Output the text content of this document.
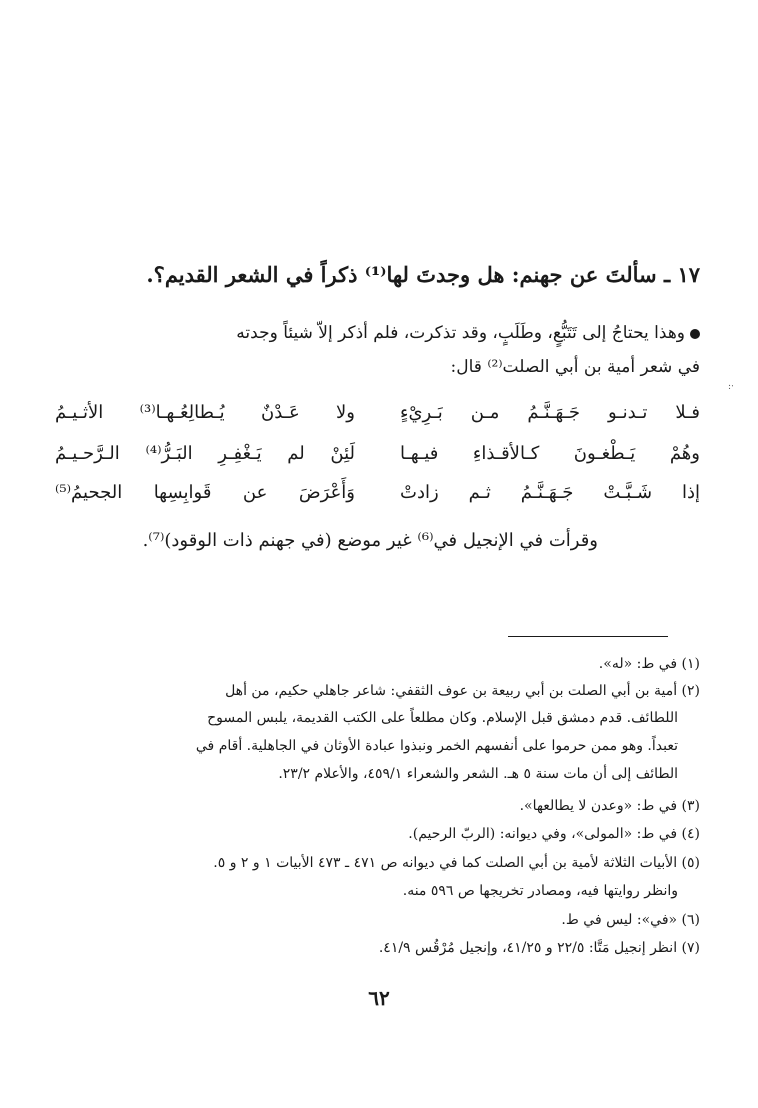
١٧ ـ سألتَ عن جهنم: هل وجدتَ لها⁽¹⁾ ذكراً في الشعر القديم؟.
وهذا يحتاجُ إلى تَتَبُّعٍ، وطَلَبٍ، وقد تذكرت، فلم أذكر إلاّ شيئاً وجدته
في شعر أمية بن أبي الصلت⁽²⁾ قال:
فـلا تـدنـو جَـهَـنَّـمُ مـن بَـرِيْءٍ
ولا عَـدْنٌ يُـطالِعُـهـا⁽³⁾ الأثـيـمُ
وهُمْ يَـطْغـونَ كـالأقـذاءِ فيـهـا
لَئِنْ لم يَـغْفِـرِ البَـرُّ⁽⁴⁾ الـرَّحـيـمُ
إذا شَـبَّـتْ جَـهَـنَّـمُ ثـم زادتْ
وَأَعْرَضَ عن قَوابِسِها الجحيمُ⁽⁵⁾
وقرأت في الإنجيل في⁽⁶⁾ غير موضع (في جهنم ذات الوقود)⁽⁷⁾.
(١) في ط: «له».
(٢) أمية بن أبي الصلت بن أبي ربيعة بن عوف الثقفي: شاعر جاهلي حكيم، من أهل
اللطائف. قدم دمشق قبل الإسلام. وكان مطلعاً على الكتب القديمة، يلبس المسوح
تعبداً. وهو ممن حرموا على أنفسهم الخمر ونبذوا عبادة الأوثان في الجاهلية. أقام في
الطائف إلى أن مات سنة ٥ هـ. الشعر والشعراء ٤٥٩/١، والأعلام ٢٣/٢.
(٣) في ط: «وعدن لا يطالعها».
(٤) في ط: «المولى»، وفي ديوانه: (الربّ الرحيم).
(٥) الأبيات الثلاثة لأمية بن أبي الصلت كما في ديوانه ص ٤٧١ ـ ٤٧٣ الأبيات ١ و ٢ و ٥.
وانظر روايتها فيه، ومصادر تخريجها ص ٥٩٦ منه.
(٦) «في»: ليس في ط.
(٧) انظر إنجيل مَتَّا: ٢٢/٥ و ٤١/٢٥، وإنجيل مُرْقُس ٤١/٩.
٦٢
‧:
